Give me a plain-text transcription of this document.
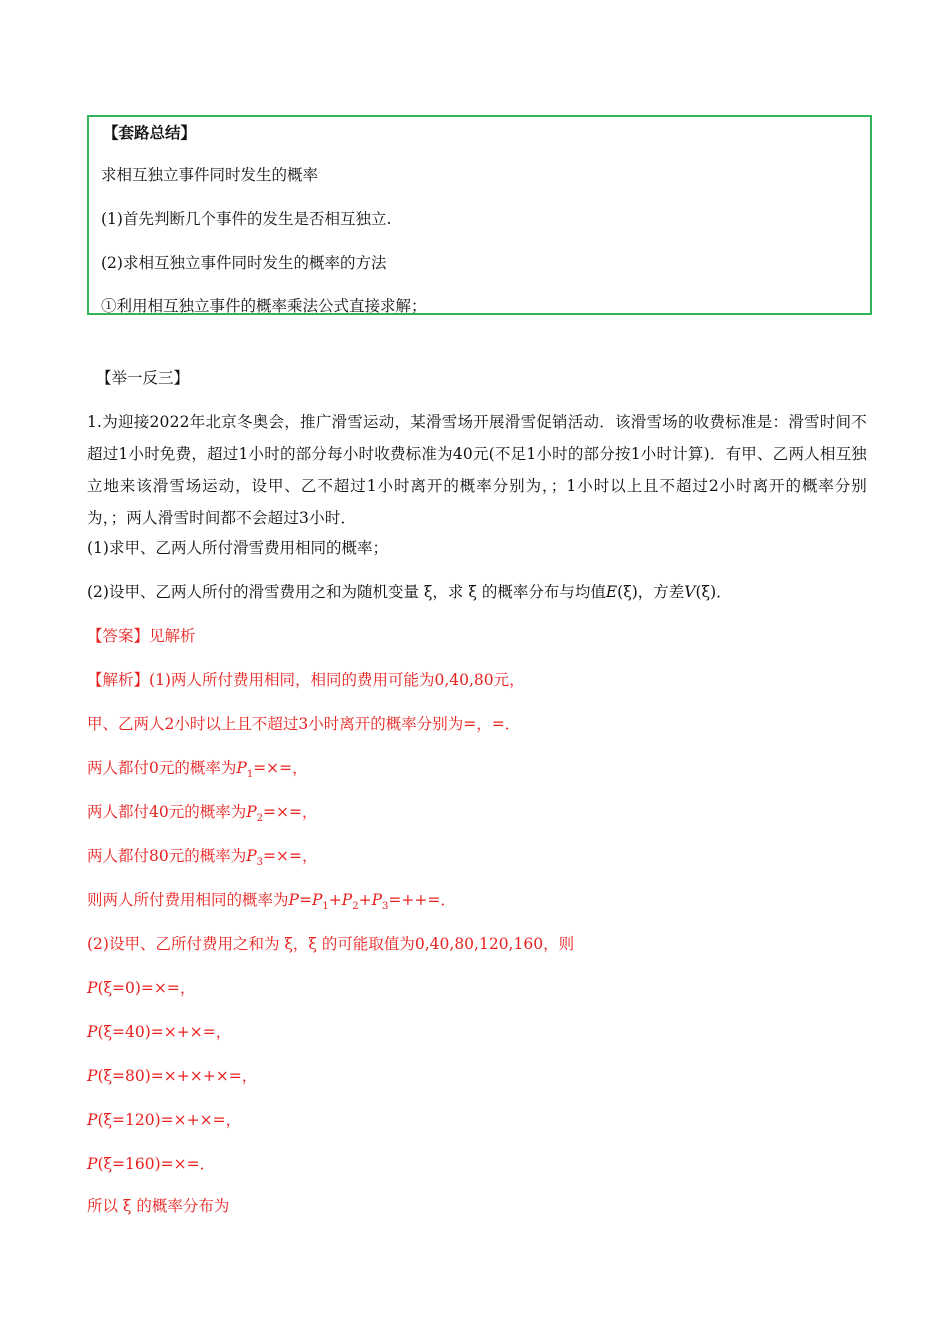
【套路总结】
求相互独立事件同时发生的概率
(1)首先判断几个事件的发生是否相互独立.
(2)求相互独立事件同时发生的概率的方法
①利用相互独立事件的概率乘法公式直接求解；
【举一反三】
1.为迎接2022年北京冬奥会，推广滑雪运动，某滑雪场开展滑雪促销活动．该滑雪场的收费标准是：滑雪时间不超过1小时免费，超过1小时的部分每小时收费标准为40元(不足1小时的部分按1小时计算)．有甲、乙两人相互独立地来该滑雪场运动，设甲、乙不超过1小时离开的概率分别为，；1小时以上且不超过2小时离开的概率分别为，；两人滑雪时间都不会超过3小时．
(1)求甲、乙两人所付滑雪费用相同的概率；
(2)设甲、乙两人所付的滑雪费用之和为随机变量 ξ，求 ξ 的概率分布与均值E(ξ)，方差V(ξ)．
【答案】见解析
【解析】(1)两人所付费用相同，相同的费用可能为0,40,80元，
甲、乙两人2小时以上且不超过3小时离开的概率分别为=，=．
两人都付0元的概率为$P_1=\times=$，
两人都付40元的概率为$P_2=\times=$，
两人都付80元的概率为$P_3=\times=$，
则两人所付费用相同的概率为$P=P_1+P_2+P_3=++=$．
(2)设甲、乙所付费用之和为 ξ，ξ 的可能取值为0,40,80,120,160，则
P(ξ=0)=×=，
P(ξ=40)=×+×=，
P(ξ=80)=×+×+×=，
P(ξ=120)=×+×=，
P(ξ=160)=×=．
所以 ξ 的概率分布为
